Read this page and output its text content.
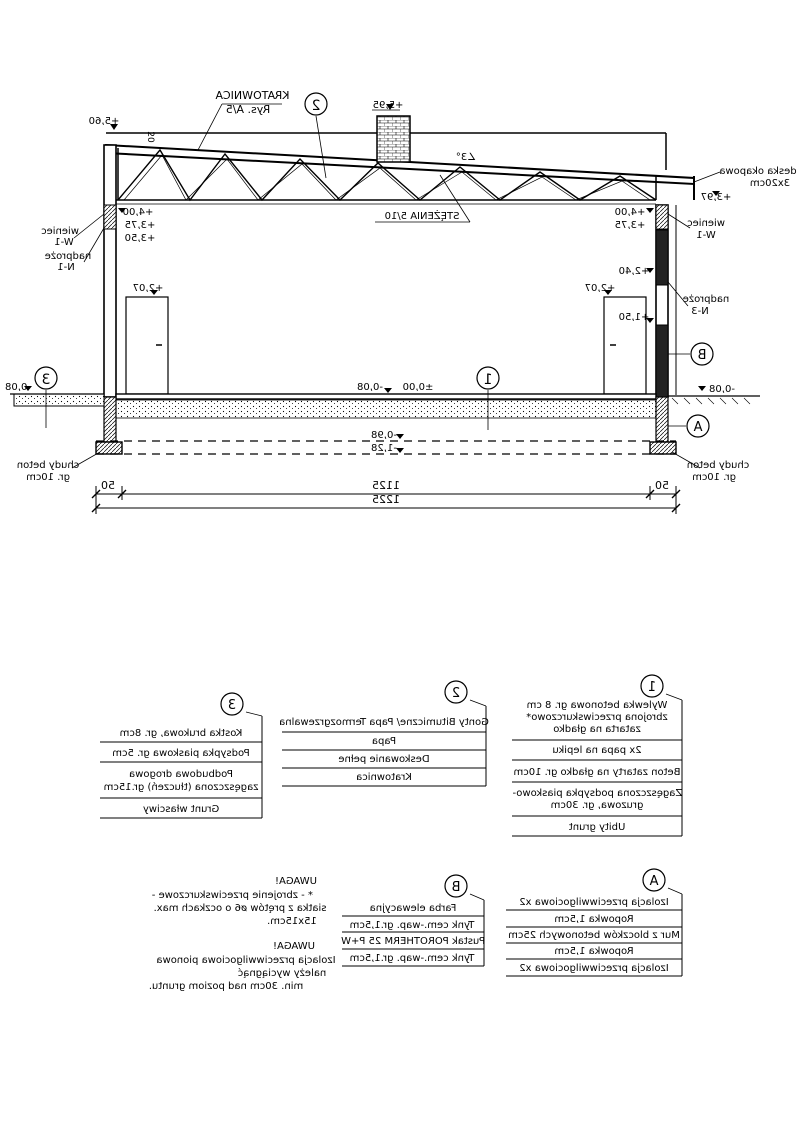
2
1
3
A
B
KRATOWNICA
Rys. A/5
STĘŻENIA 5/10
∠3°
20
deska okapowa
3x20cm
wieniec
W-1
nadproże
N-1
wieniec
W-1
nadproże
N-3
chudy beton
gr. 10cm
chudy beton
gr. 10cm
+5,60
+5,95
+3,97
+4,00
+3,75
+3,50
+4,00
+3,75
+2,40
+2,07	+2,07
+1,50
-0,08	-0,08
±0,00
-0,08
-0,98
-1,28
50	1125	50
1225
1
Wylewka betonowa gr. 8 cm
zbrojona przeciwskurczowo*
zatarta na gładko
2x papa na lepiku
Beton zatarty na gładko gr. 10cm
Zagęszczona podsypka piaskowo-
gruzowa, gr. 30cm
Ubity grunt
2
Gonty Bitumiczne/ Papa Termozgrzewalna
Papa
Deskowanie pełne
Kratownica
3
Kostka brukowa, gr. 8cm
Podsypka piaskowa gr. 5cm
Podbudowa drogowa
zagęszczona (tłuczeń) gr.15cm
Grunt własciwy
A
Izolacja przeciwwilgociowa x2
Ropowka 1,5cm
Mur z bloczków betonowych 25cm
Ropowka 1,5cm
Izolacja przeciwwilgociowa x2
B
Farba elewacyjna
Tynk cem.-wap. gr.1,5cm
Pustak POROTHERM 25 P+W
Tynk cem.-wap. gr.1,5cm
UWAGA!
* - zbrojenie przeciwskurczowe -
siatka z prętów ø6 o oczkach max.
15x15cm.
UWAGA!
Izolacja przeciwwilgociowa pionowa
należy wyciągnąć
min. 30cm nad poziom gruntu.
